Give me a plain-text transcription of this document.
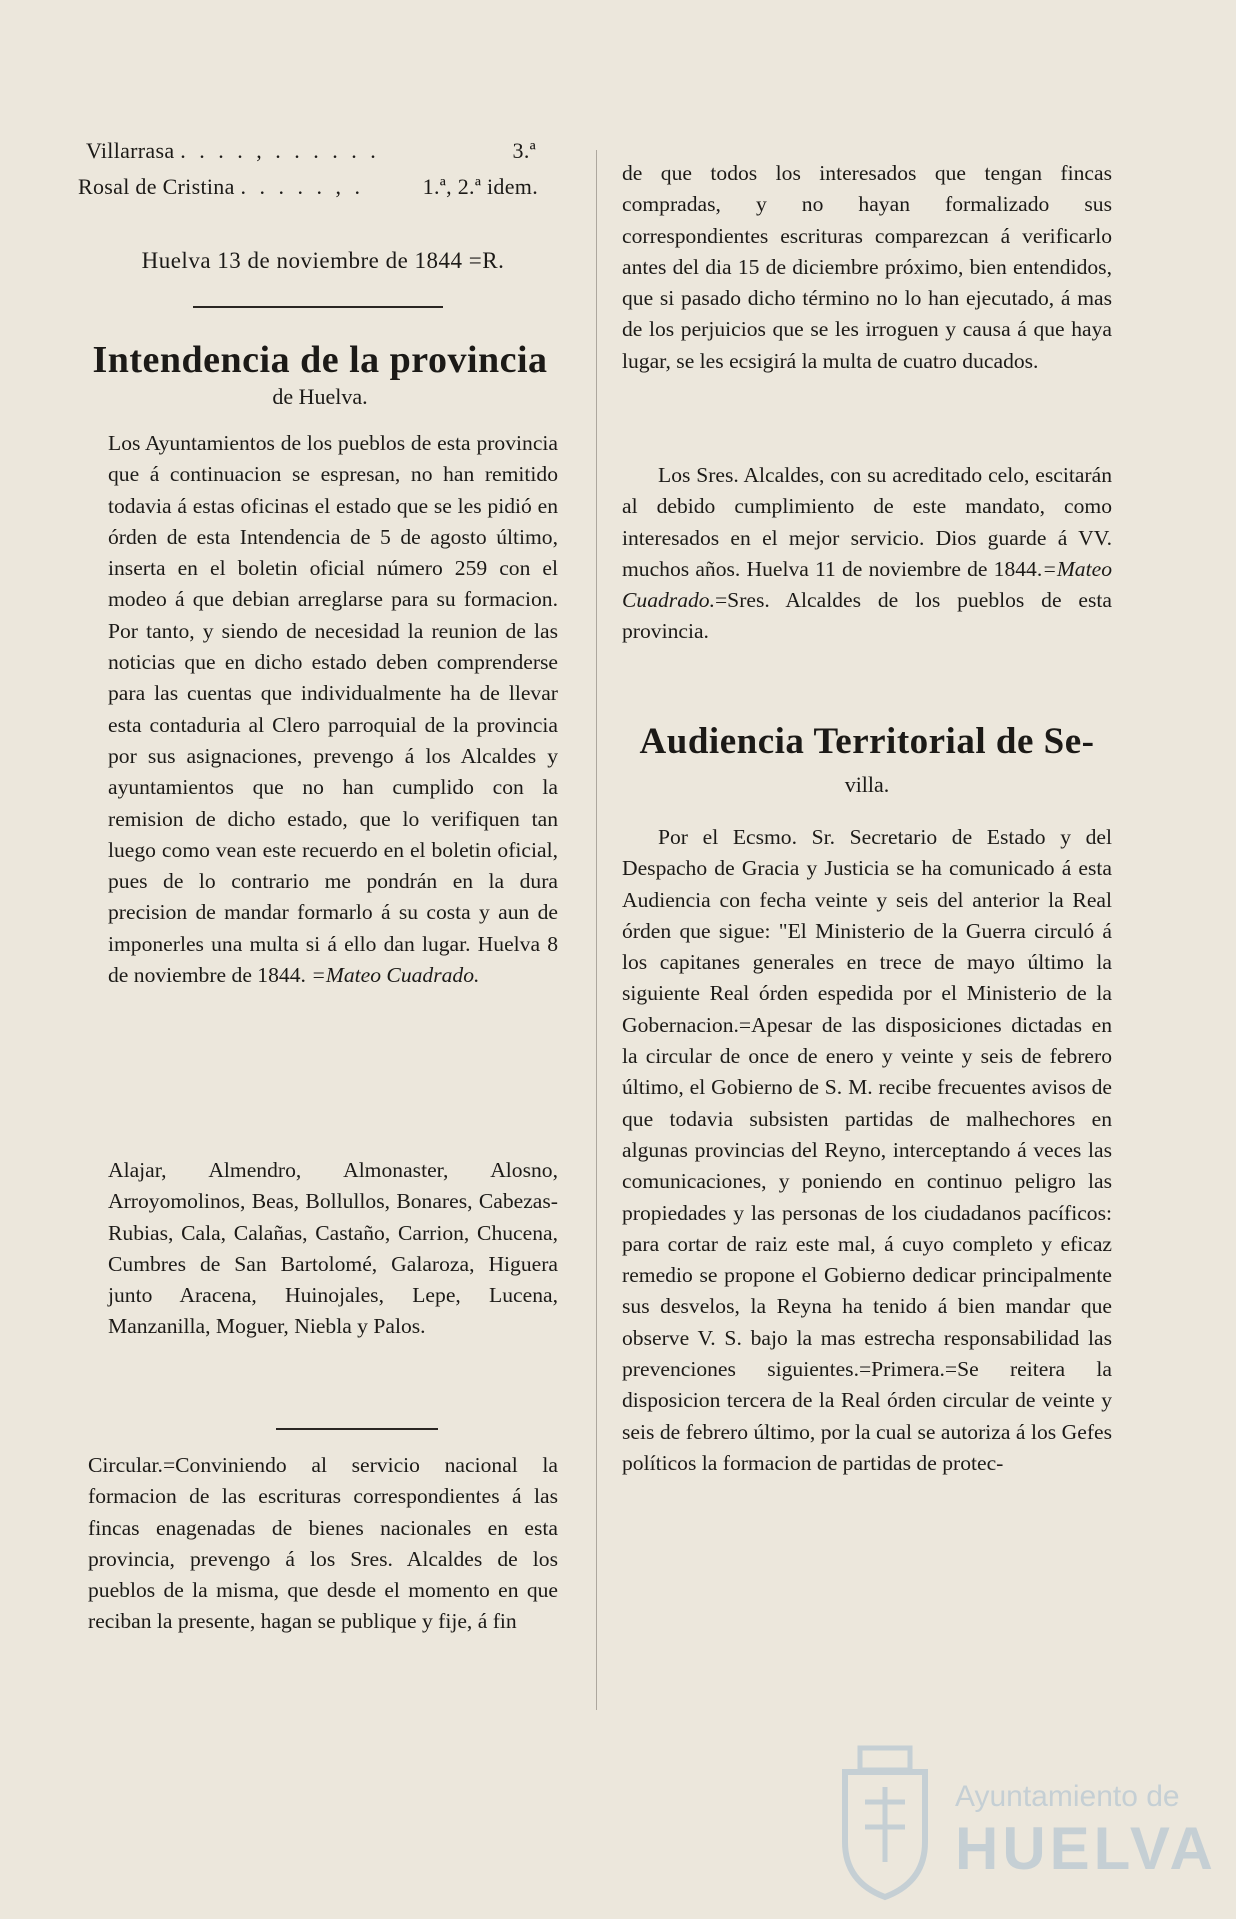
Villarrasa . . . . , . . . . . .	3.ª
Rosal de Cristina . . . . . , .	1.ª, 2.ª idem.
Huelva 13 de noviembre de 1844 =R.
Intendencia de la provincia
de Huelva.

Los Ayuntamientos de los pueblos de esta provincia que á continuacion se espresan, no han remitido todavia á estas oficinas el estado que se les pidió en órden de esta Intendencia de 5 de agosto último, inserta en el boletin oficial número 259 con el modeo á que debian arreglarse para su formacion. Por tanto, y siendo de necesidad la reunion de las noticias que en dicho estado deben comprenderse para las cuentas que individualmente ha de llevar esta contaduria al Clero parroquial de la provincia por sus asignaciones, prevengo á los Alcaldes y ayuntamientos que no han cumplido con la remision de dicho estado, que lo verifiquen tan luego como vean este recuerdo en el boletin oficial, pues de lo contrario me pondrán en la dura precision de mandar formarlo á su costa y aun de imponerles una multa si á ello dan lugar. Huelva 8 de noviembre de 1844. =Mateo Cuadrado.

Alajar, Almendro, Almonaster, Alosno, Arroyomolinos, Beas, Bollullos, Bonares, Cabezas-Rubias, Cala, Calañas, Castaño, Carrion, Chucena, Cumbres de San Bartolomé, Galaroza, Higuera junto Aracena, Huinojales, Lepe, Lucena, Manzanilla, Moguer, Niebla y Palos.

Circular.=Conviniendo al servicio nacional la formacion de las escrituras correspondientes á las fincas enagenadas de bienes nacionales en esta provincia, prevengo á los Sres. Alcaldes de los pueblos de la misma, que desde el momento en que reciban la presente, hagan se publique y fije, á fin

de que todos los interesados que tengan fincas compradas, y no hayan formalizado sus correspondientes escrituras comparezcan á verificarlo antes del dia 15 de diciembre próximo, bien entendidos, que si pasado dicho término no lo han ejecutado, á mas de los perjuicios que se les irroguen y causa á que haya lugar, se les ecsigirá la multa de cuatro ducados.

Los Sres. Alcaldes, con su acreditado celo, escitarán al debido cumplimiento de este mandato, como interesados en el mejor servicio. Dios guarde á VV. muchos años. Huelva 11 de noviembre de 1844.=Mateo Cuadrado.=Sres. Alcaldes de los pueblos de esta provincia.

Audiencia Territorial de Se-
villa.

Por el Ecsmo. Sr. Secretario de Estado y del Despacho de Gracia y Justicia se ha comunicado á esta Audiencia con fecha veinte y seis del anterior la Real órden que sigue: "El Ministerio de la Guerra circuló á los capitanes generales en trece de mayo último la siguiente Real órden espedida por el Ministerio de la Gobernacion.=Apesar de las disposiciones dictadas en la circular de once de enero y veinte y seis de febrero último, el Gobierno de S. M. recibe frecuentes avisos de que todavia subsisten partidas de malhechores en algunas provincias del Reyno, interceptando á veces las comunicaciones, y poniendo en continuo peligro las propiedades y las personas de los ciudadanos pacíficos: para cortar de raiz este mal, á cuyo completo y eficaz remedio se propone el Gobierno dedicar principalmente sus desvelos, la Reyna ha tenido á bien mandar que observe V. S. bajo la mas estrecha responsabilidad las prevenciones siguientes.=Primera.=Se reitera la disposicion tercera de la Real órden circular de veinte y seis de febrero último, por la cual se autoriza á los Gefes políticos la formacion de partidas de protec-

Ayuntamiento de
HUELVA
